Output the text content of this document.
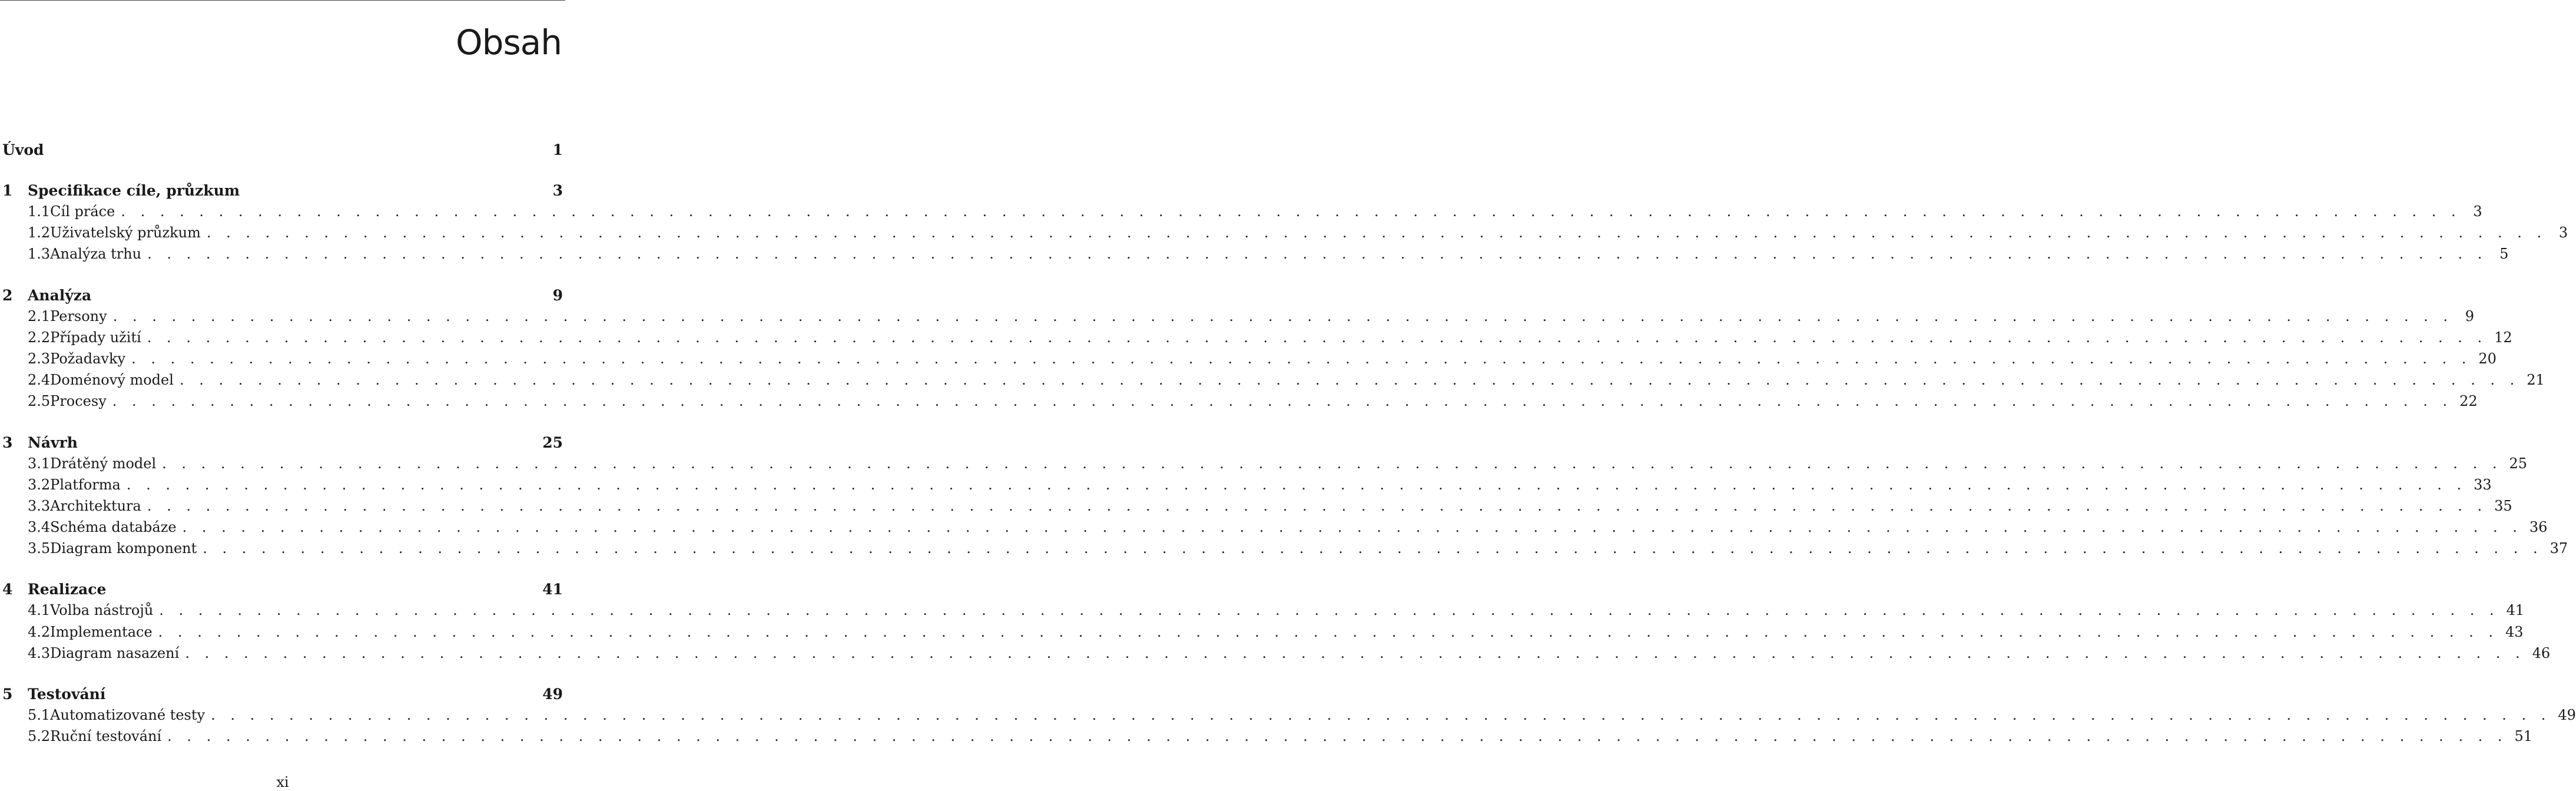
Obsah
Úvod	1
1	Specifikace cíle, průzkum	3
1.1 Cíl práce . . . . . . . . . . . . . . . . . . . . . . . . . . . . . . . . . . . . . . . . . . . . . . . . . . . . . . . . . . . . . . . . . . . . . . . . . . . . . . . . . . . . . . . . . . . . . . . . . . . . . . . . . . . . . . . . . . . . . . . . 3
1.2 Uživatelský průzkum . . . . . . . . . . . . . . . . . . . . . . . . . . . . . . . . . . . . . . . . . . . . . . . . . . . . . . . . . . . . . . . . . . . . . . . . . . . . . . . . . . . . . . . . . . . . . . . . . . . . . . . . . . . . . . . . . . . . . . . . 3
1.3 Analýza trhu . . . . . . . . . . . . . . . . . . . . . . . . . . . . . . . . . . . . . . . . . . . . . . . . . . . . . . . . . . . . . . . . . . . . . . . . . . . . . . . . . . . . . . . . . . . . . . . . . . . . . . . . . . . . . . . . . . . . . . . . 5
2	Analýza	9
2.1 Persony . . . . . . . . . . . . . . . . . . . . . . . . . . . . . . . . . . . . . . . . . . . . . . . . . . . . . . . . . . . . . . . . . . . . . . . . . . . . . . . . . . . . . . . . . . . . . . . . . . . . . . . . . . . . . . . . . . . . . . . . 9
2.2 Případy užití . . . . . . . . . . . . . . . . . . . . . . . . . . . . . . . . . . . . . . . . . . . . . . . . . . . . . . . . . . . . . . . . . . . . . . . . . . . . . . . . . . . . . . . . . . . . . . . . . . . . . . . . . . . . . . . . . . . . . . . . 12
2.3 Požadavky . . . . . . . . . . . . . . . . . . . . . . . . . . . . . . . . . . . . . . . . . . . . . . . . . . . . . . . . . . . . . . . . . . . . . . . . . . . . . . . . . . . . . . . . . . . . . . . . . . . . . . . . . . . . . . . . . . . . . . . . 20
2.4 Doménový model . . . . . . . . . . . . . . . . . . . . . . . . . . . . . . . . . . . . . . . . . . . . . . . . . . . . . . . . . . . . . . . . . . . . . . . . . . . . . . . . . . . . . . . . . . . . . . . . . . . . . . . . . . . . . . . . . . . . . . . . 21
2.5 Procesy . . . . . . . . . . . . . . . . . . . . . . . . . . . . . . . . . . . . . . . . . . . . . . . . . . . . . . . . . . . . . . . . . . . . . . . . . . . . . . . . . . . . . . . . . . . . . . . . . . . . . . . . . . . . . . . . . . . . . . . . 22
3	Návrh	25
3.1 Drátěný model . . . . . . . . . . . . . . . . . . . . . . . . . . . . . . . . . . . . . . . . . . . . . . . . . . . . . . . . . . . . . . . . . . . . . . . . . . . . . . . . . . . . . . . . . . . . . . . . . . . . . . . . . . . . . . . . . . . . . . . . 25
3.2 Platforma . . . . . . . . . . . . . . . . . . . . . . . . . . . . . . . . . . . . . . . . . . . . . . . . . . . . . . . . . . . . . . . . . . . . . . . . . . . . . . . . . . . . . . . . . . . . . . . . . . . . . . . . . . . . . . . . . . . . . . . . 33
3.3 Architektura . . . . . . . . . . . . . . . . . . . . . . . . . . . . . . . . . . . . . . . . . . . . . . . . . . . . . . . . . . . . . . . . . . . . . . . . . . . . . . . . . . . . . . . . . . . . . . . . . . . . . . . . . . . . . . . . . . . . . . . . 35
3.4 Schéma databáze . . . . . . . . . . . . . . . . . . . . . . . . . . . . . . . . . . . . . . . . . . . . . . . . . . . . . . . . . . . . . . . . . . . . . . . . . . . . . . . . . . . . . . . . . . . . . . . . . . . . . . . . . . . . . . . . . . . . . . . . 36
3.5 Diagram komponent . . . . . . . . . . . . . . . . . . . . . . . . . . . . . . . . . . . . . . . . . . . . . . . . . . . . . . . . . . . . . . . . . . . . . . . . . . . . . . . . . . . . . . . . . . . . . . . . . . . . . . . . . . . . . . . . . . . . . . . . 37
4	Realizace	41
4.1 Volba nástrojů . . . . . . . . . . . . . . . . . . . . . . . . . . . . . . . . . . . . . . . . . . . . . . . . . . . . . . . . . . . . . . . . . . . . . . . . . . . . . . . . . . . . . . . . . . . . . . . . . . . . . . . . . . . . . . . . . . . . . . . . 41
4.2 Implementace . . . . . . . . . . . . . . . . . . . . . . . . . . . . . . . . . . . . . . . . . . . . . . . . . . . . . . . . . . . . . . . . . . . . . . . . . . . . . . . . . . . . . . . . . . . . . . . . . . . . . . . . . . . . . . . . . . . . . . . . 43
4.3 Diagram nasazení . . . . . . . . . . . . . . . . . . . . . . . . . . . . . . . . . . . . . . . . . . . . . . . . . . . . . . . . . . . . . . . . . . . . . . . . . . . . . . . . . . . . . . . . . . . . . . . . . . . . . . . . . . . . . . . . . . . . . . . . 46
5	Testování	49
5.1 Automatizované testy . . . . . . . . . . . . . . . . . . . . . . . . . . . . . . . . . . . . . . . . . . . . . . . . . . . . . . . . . . . . . . . . . . . . . . . . . . . . . . . . . . . . . . . . . . . . . . . . . . . . . . . . . . . . . . . . . . . . . . . . 49
5.2 Ruční testování . . . . . . . . . . . . . . . . . . . . . . . . . . . . . . . . . . . . . . . . . . . . . . . . . . . . . . . . . . . . . . . . . . . . . . . . . . . . . . . . . . . . . . . . . . . . . . . . . . . . . . . . . . . . . . . . . . . . . . . . 51
xi
